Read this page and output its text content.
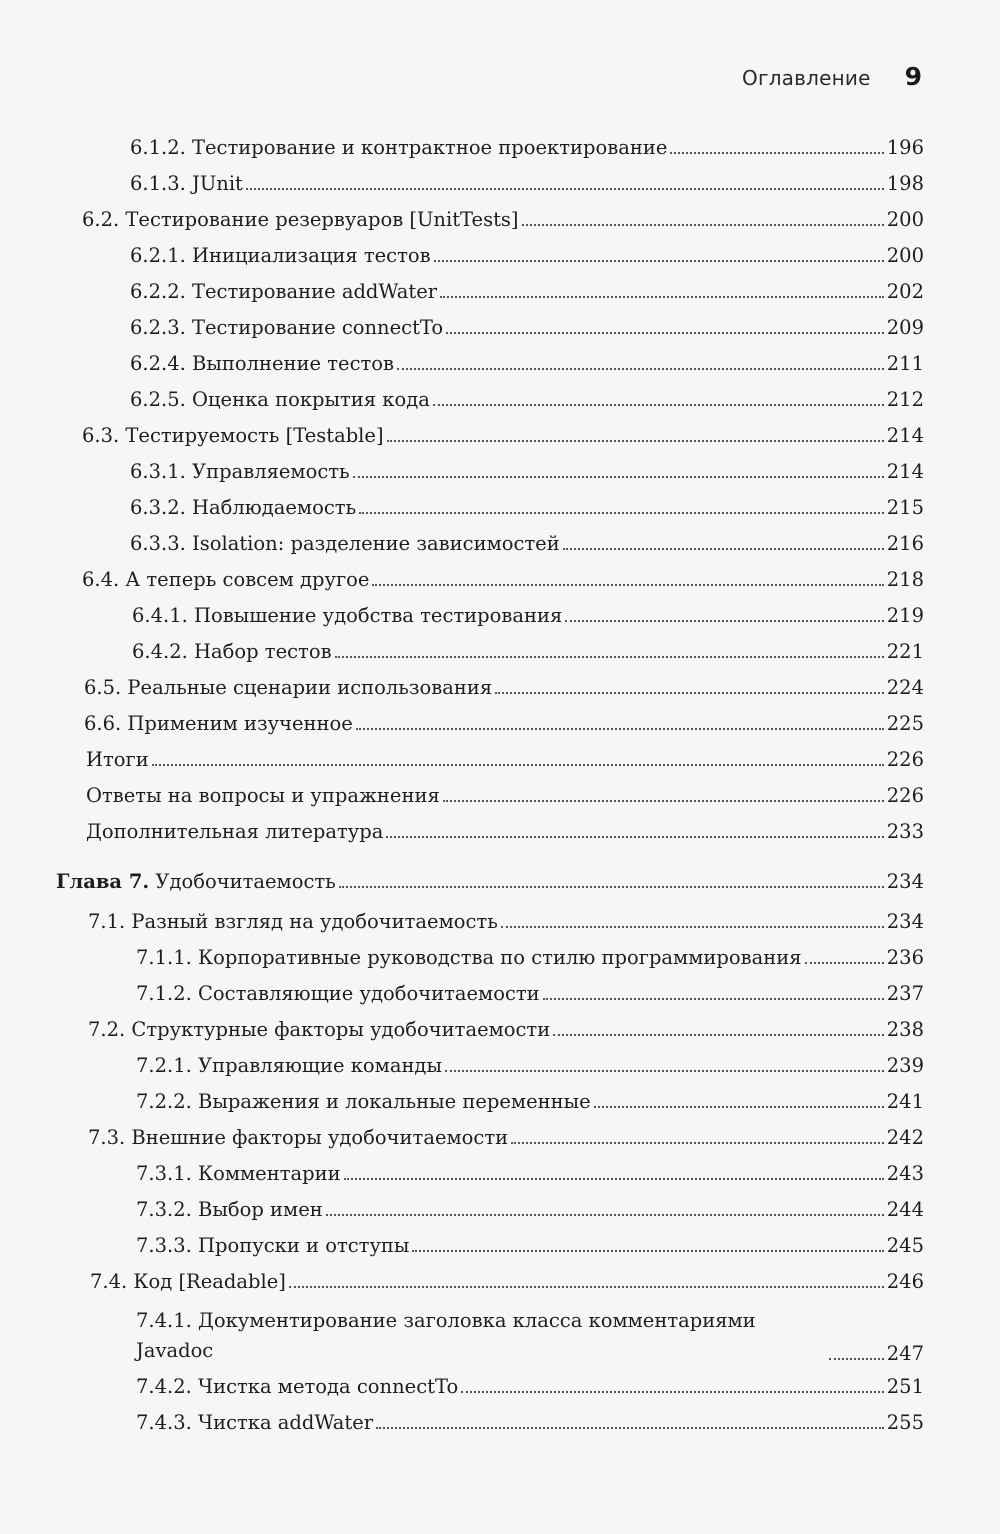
Оглавление 9
6.1.2. Тестирование и контрактное проектирование	196
6.1.3. JUnit	198
6.2. Тестирование резервуаров [UnitTests]	200
6.2.1. Инициализация тестов	200
6.2.2. Тестирование addWater	202
6.2.3. Тестирование connectTo	209
6.2.4. Выполнение тестов	211
6.2.5. Оценка покрытия кода	212
6.3. Тестируемость [Testable]	214
6.3.1. Управляемость	214
6.3.2. Наблюдаемость	215
6.3.3. Isolation: разделение зависимостей	216
6.4. А теперь совсем другое	218
6.4.1. Повышение удобства тестирования	219
6.4.2. Набор тестов	221
6.5. Реальные сценарии использования	224
6.6. Применим изученное	225
Итоги	226
Ответы на вопросы и упражнения	226
Дополнительная литература	233
Глава 7. Удобочитаемость	234
7.1. Разный взгляд на удобочитаемость	234
7.1.1. Корпоративные руководства по стилю программирования	236
7.1.2. Составляющие удобочитаемости	237
7.2. Структурные факторы удобочитаемости	238
7.2.1. Управляющие команды	239
7.2.2. Выражения и локальные переменные	241
7.3. Внешние факторы удобочитаемости	242
7.3.1. Комментарии	243
7.3.2. Выбор имен	244
7.3.3. Пропуски и отступы	245
7.4. Код [Readable]	246
7.4.1. Документирование заголовка класса комментариями Javadoc	247
7.4.2. Чистка метода connectTo	251
7.4.3. Чистка addWater	255
